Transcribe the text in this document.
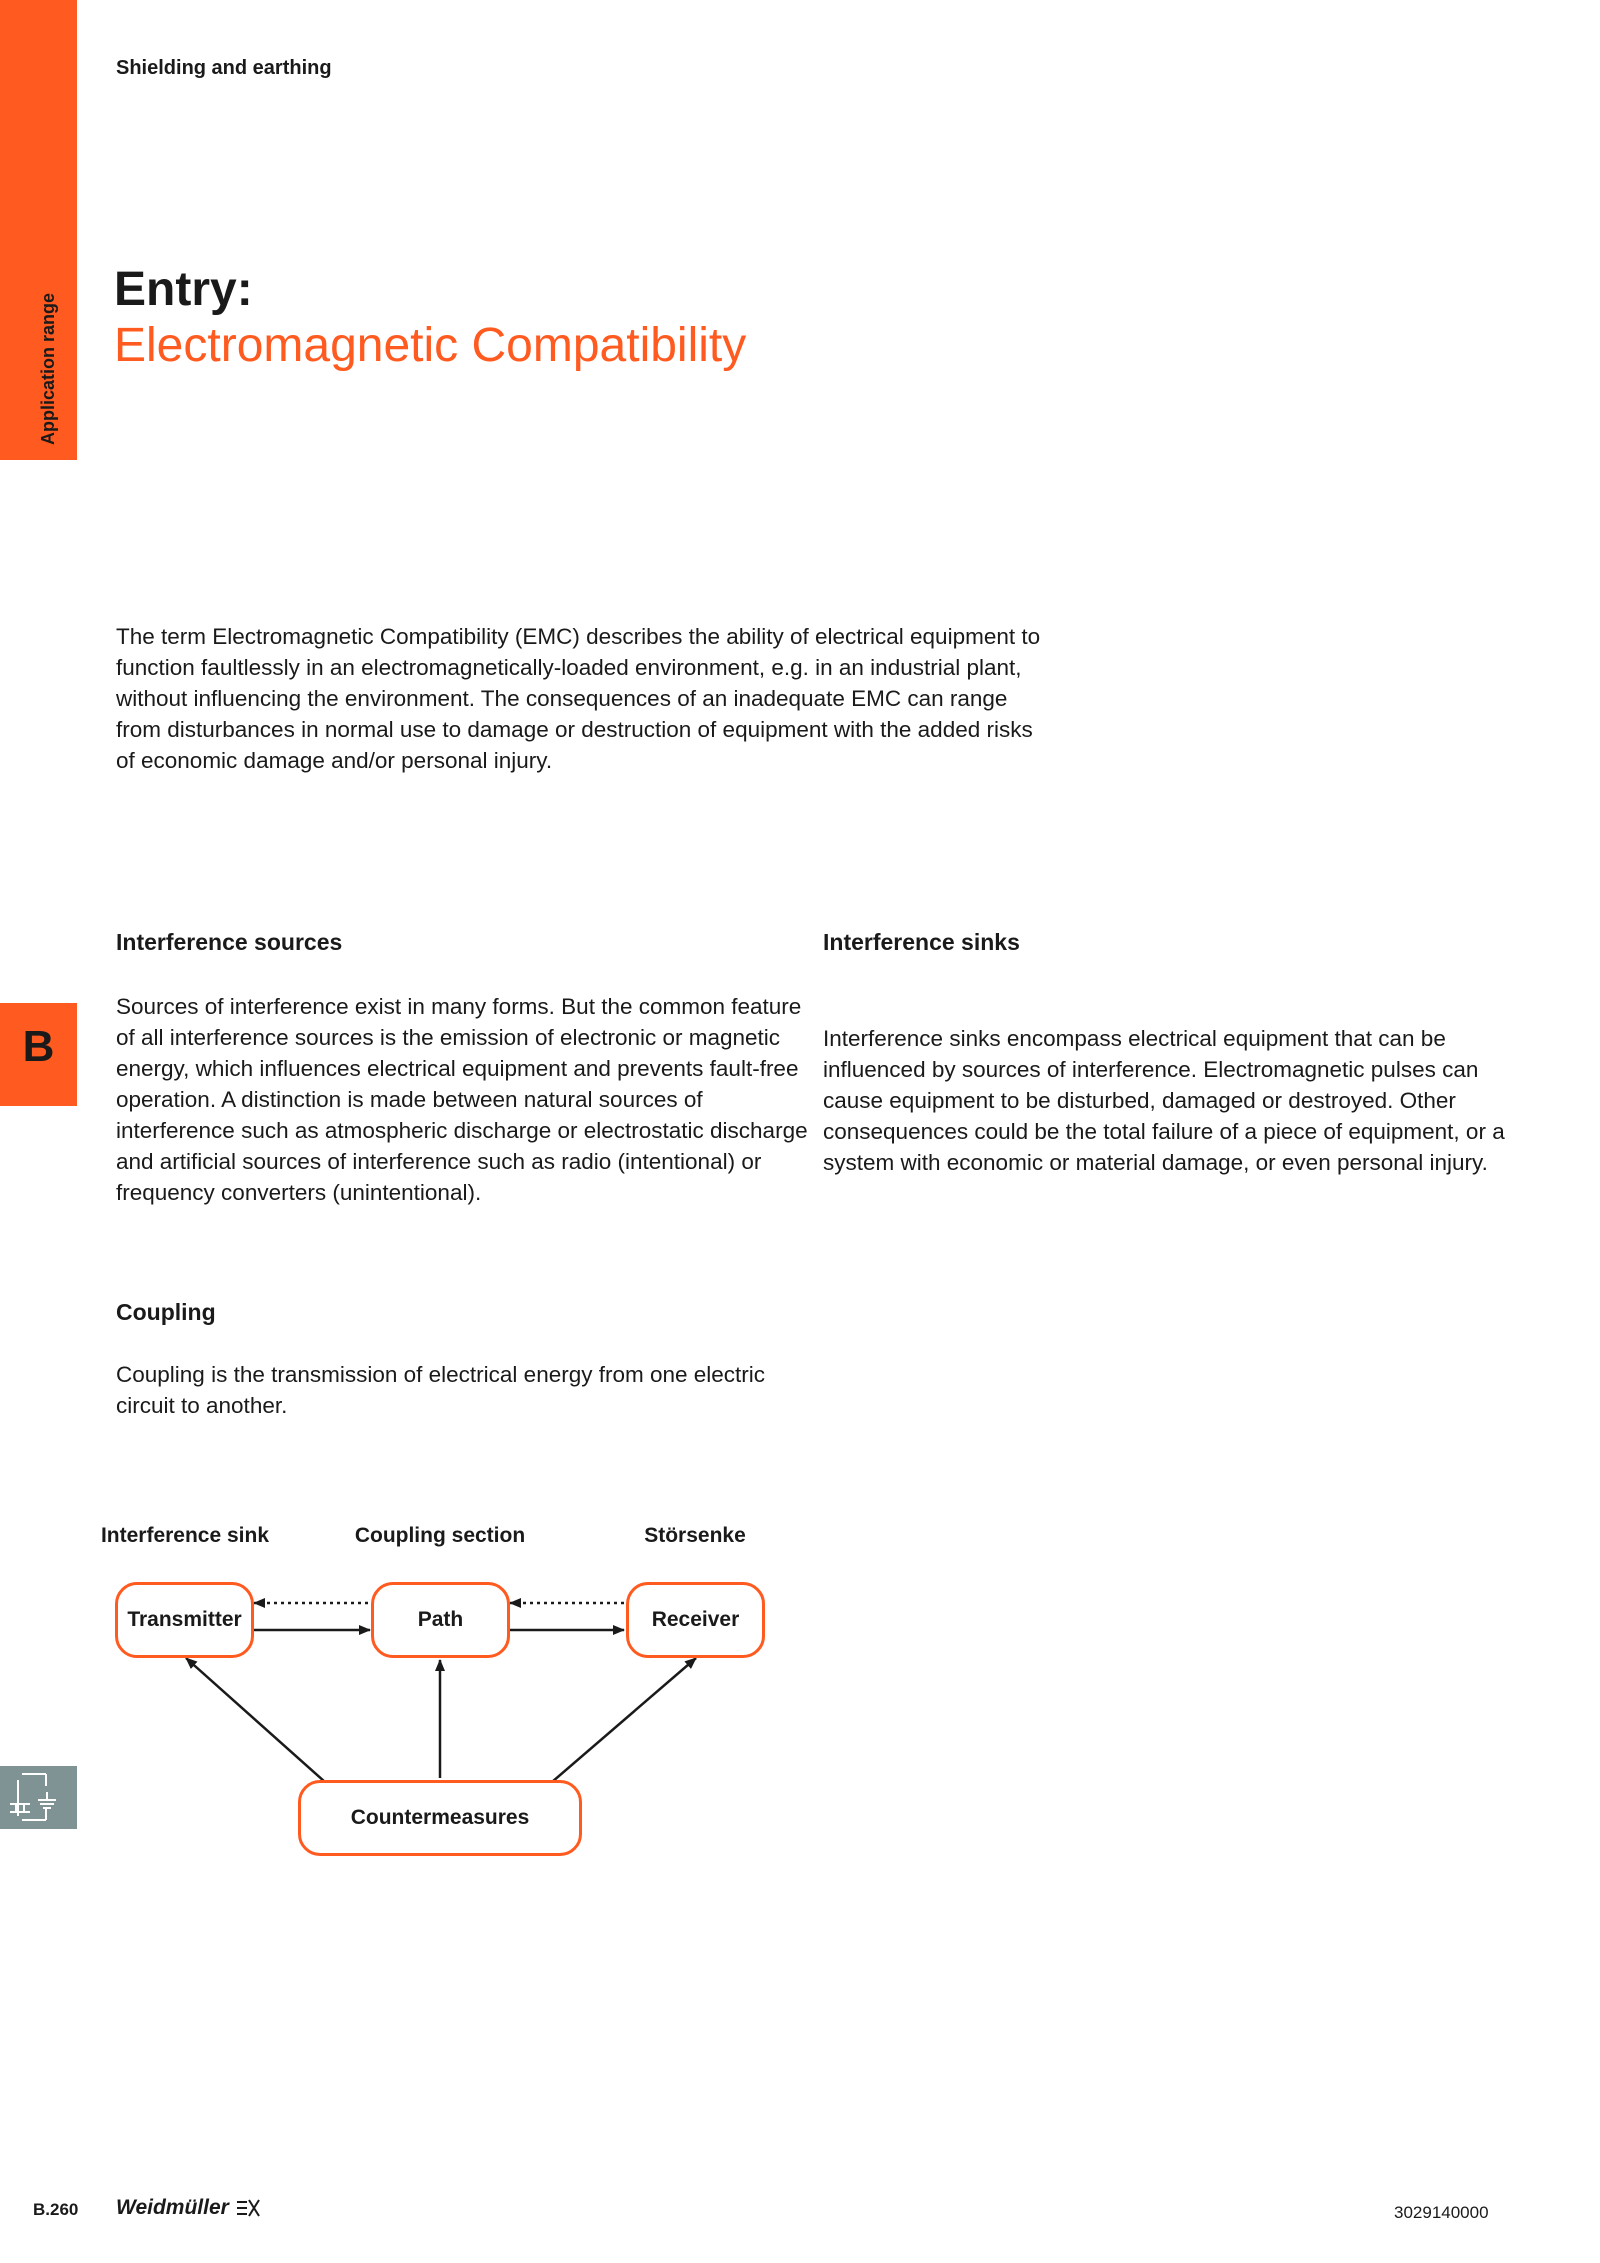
Application range
B
Shielding and earthing
Entry:
Electromagnetic Compatibility
The term Electromagnetic Compatibility (EMC) describes the ability of electrical equipment to function faultlessly in an electromagnetically-loaded environment, e.g. in an industrial plant, without influencing the environment. The consequences of an inadequate EMC can range from disturbances in normal use to damage or destruction of equipment with the added risks of economic damage and/or personal injury.
Interference sources
Sources of interference exist in many forms. But the common feature of all interference sources is the emission of electronic or magnetic energy, which influences electrical equipment and prevents fault-free operation. A distinction is made between natural sources of interference such as atmospheric discharge or electrostatic discharge and artificial sources of interference such as radio (intentional) or frequency converters (unintentional).
Interference sinks
Interference sinks encompass electrical equipment that can be influenced by sources of interference. Electromagnetic pulses can cause equipment to be disturbed, damaged or destroyed. Other consequences could be the total failure of a piece of equipment, or a system with economic or material damage, or even personal injury.
Coupling
Coupling is the transmission of electrical energy from one electric circuit to another.
Interference sink	Coupling section	Störsenke
Transmitter	Path	Receiver
Countermeasures
B.260 Weidmüller	3029140000
